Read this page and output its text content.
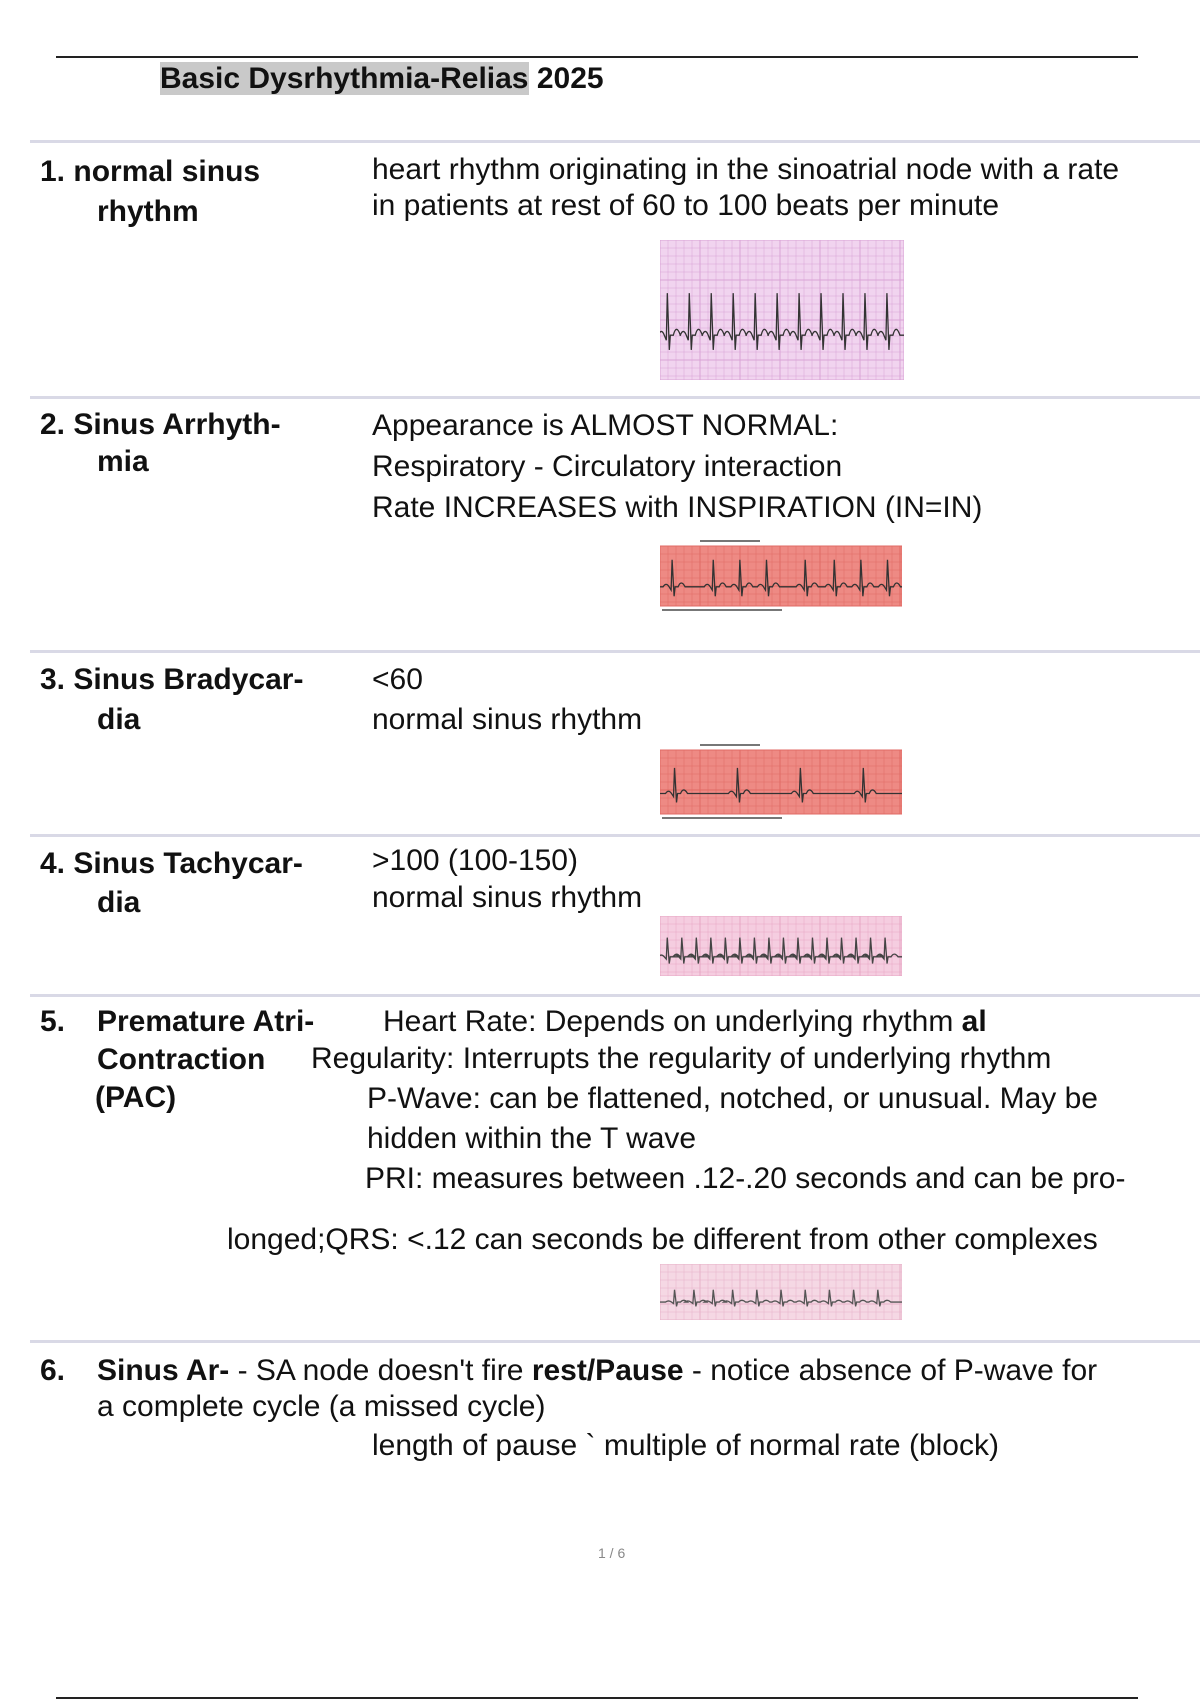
Basic Dysrhythmia-Relias 2025
1. normal sinus
rhythm
heart rhythm originating in the sinoatrial node with a rate
in patients at rest of 60 to 100 beats per minute
2. Sinus Arrhyth-
mia
Appearance is ALMOST NORMAL:
Respiratory - Circulatory interaction
Rate INCREASES with INSPIRATION (IN=IN)
3. Sinus Bradycar-
dia
<60
normal sinus rhythm
4. Sinus Tachycar-
dia
>100 (100-150)
normal sinus rhythm
5. Premature Atri-
Contraction
(PAC)
Heart Rate: Depends on underlying rhythm al
Regularity: Interrupts the regularity of underlying rhythm
P-Wave: can be flattened, notched, or unusual. May be
hidden within the T wave
PRI: measures between .12-.20 seconds and can be pro-
longed;QRS: <.12 can seconds be different from other complexes
6. Sinus Ar- - SA node doesn't fire rest/Pause - notice absence of P-wave for
a complete cycle (a missed cycle)
length of pause ` multiple of normal rate (block)
1 / 6
